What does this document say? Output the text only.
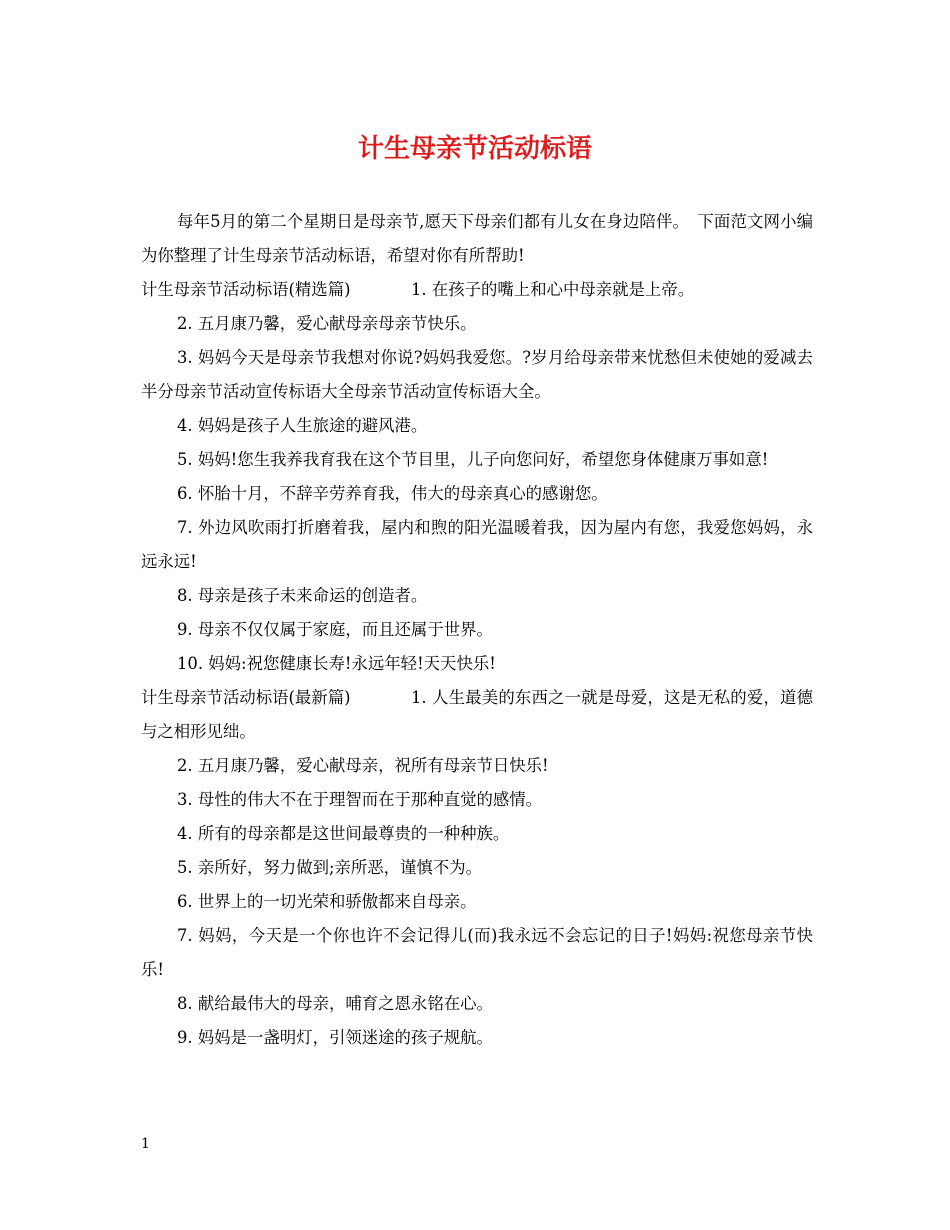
计生母亲节活动标语

每年5月的第二个星期日是母亲节,愿天下母亲们都有儿女在身边陪伴。　下面范文网小编为你整理了计生母亲节活动标语，希望对你有所帮助!

计生母亲节活动标语(精选篇)	1. 在孩子的嘴上和心中母亲就是上帝。

2. 五月康乃馨，爱心献母亲母亲节快乐。

3. 妈妈今天是母亲节我想对你说?妈妈我爱您。?岁月给母亲带来忧愁但未使她的爱减去半分母亲节活动宣传标语大全母亲节活动宣传标语大全。

4. 妈妈是孩子人生旅途的避风港。

5. 妈妈!您生我养我育我在这个节目里，儿子向您问好，希望您身体健康万事如意!

6. 怀胎十月，不辞辛劳养育我，伟大的母亲真心的感谢您。

7. 外边风吹雨打折磨着我，屋内和煦的阳光温暖着我，因为屋内有您，我爱您妈妈，永远永远!

8. 母亲是孩子未来命运的创造者。

9. 母亲不仅仅属于家庭，而且还属于世界。

10. 妈妈:祝您健康长寿!永远年轻!天天快乐!

计生母亲节活动标语(最新篇)	1. 人生最美的东西之一就是母爱，这是无私的爱，道德与之相形见绌。

2. 五月康乃馨，爱心献母亲，祝所有母亲节日快乐!

3. 母性的伟大不在于理智而在于那种直觉的感情。

4. 所有的母亲都是这世间最尊贵的一种种族。

5. 亲所好，努力做到;亲所恶，谨慎不为。

6. 世界上的一切光荣和骄傲都来自母亲。

7. 妈妈，今天是一个你也许不会记得儿(而)我永远不会忘记的日子!妈妈:祝您母亲节快乐!

8. 献给最伟大的母亲，哺育之恩永铭在心。

9. 妈妈是一盏明灯，引领迷途的孩子规航。

1
